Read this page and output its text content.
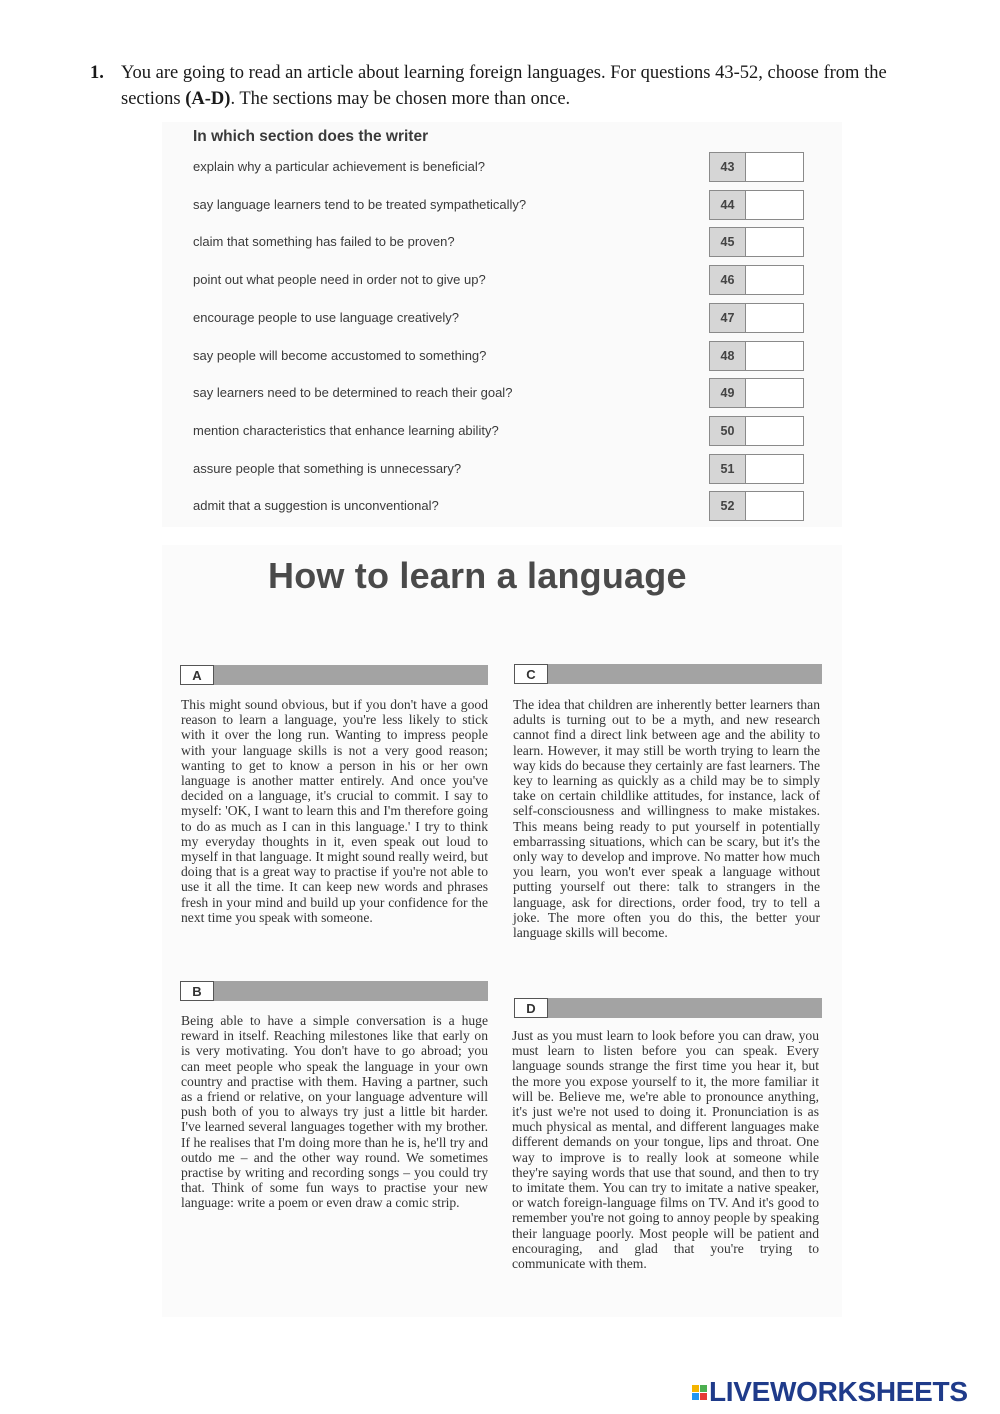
1. You are going to read an article about learning foreign languages. For questions 43-52, choose from the sections (A-D). The sections may be chosen more than once.
In which section does the writer
explain why a particular achievement is beneficial?	43
say language learners tend to be treated sympathetically?	44
claim that something has failed to be proven?	45
point out what people need in order not to give up?	46
encourage people to use language creatively?	47
say people will become accustomed to something?	48
say learners need to be determined to reach their goal?	49
mention characteristics that enhance learning ability?	50
assure people that something is unnecessary?	51
admit that a suggestion is unconventional?	52
How to learn a language
A
This might sound obvious, but if you don't have a good reason to learn a language, you're less likely to stick with it over the long run. Wanting to impress people with your language skills is not a very good reason; wanting to get to know a person in his or her own language is another matter entirely. And once you've decided on a language, it's crucial to commit. I say to myself: 'OK, I want to learn this and I'm therefore going to do as much as I can in this language.' I try to think my everyday thoughts in it, even speak out loud to myself in that language. It might sound really weird, but doing that is a great way to practise if you're not able to use it all the time. It can keep new words and phrases fresh in your mind and build up your confidence for the next time you speak with someone.
B
Being able to have a simple conversation is a huge reward in itself. Reaching milestones like that early on is very motivating. You don't have to go abroad; you can meet people who speak the language in your own country and practise with them. Having a partner, such as a friend or relative, on your language adventure will push both of you to always try just a little bit harder. I've learned several languages together with my brother. If he realises that I'm doing more than he is, he'll try and outdo me – and the other way round. We sometimes practise by writing and recording songs – you could try that. Think of some fun ways to practise your new language: write a poem or even draw a comic strip.
C
The idea that children are inherently better learners than adults is turning out to be a myth, and new research cannot find a direct link between age and the ability to learn. However, it may still be worth trying to learn the way kids do because they certainly are fast learners. The key to learning as quickly as a child may be to simply take on certain childlike attitudes, for instance, lack of self-consciousness and willingness to make mistakes. This means being ready to put yourself in potentially embarrassing situations, which can be scary, but it's the only way to develop and improve. No matter how much you learn, you won't ever speak a language without putting yourself out there: talk to strangers in the language, ask for directions, order food, try to tell a joke. The more often you do this, the better your language skills will become.
D
Just as you must learn to look before you can draw, you must learn to listen before you can speak. Every language sounds strange the first time you hear it, but the more you expose yourself to it, the more familiar it will be. Believe me, we're able to pronounce anything, it's just we're not used to doing it. Pronunciation is as much physical as mental, and different languages make different demands on your tongue, lips and throat. One way to improve is to really look at someone while they're saying words that use that sound, and then to try to imitate them. You can try to imitate a native speaker, or watch foreign-language films on TV. And it's good to remember you're not going to annoy people by speaking their language poorly. Most people will be patient and encouraging, and glad that you're trying to communicate with them.
LIVEWORKSHEETS
